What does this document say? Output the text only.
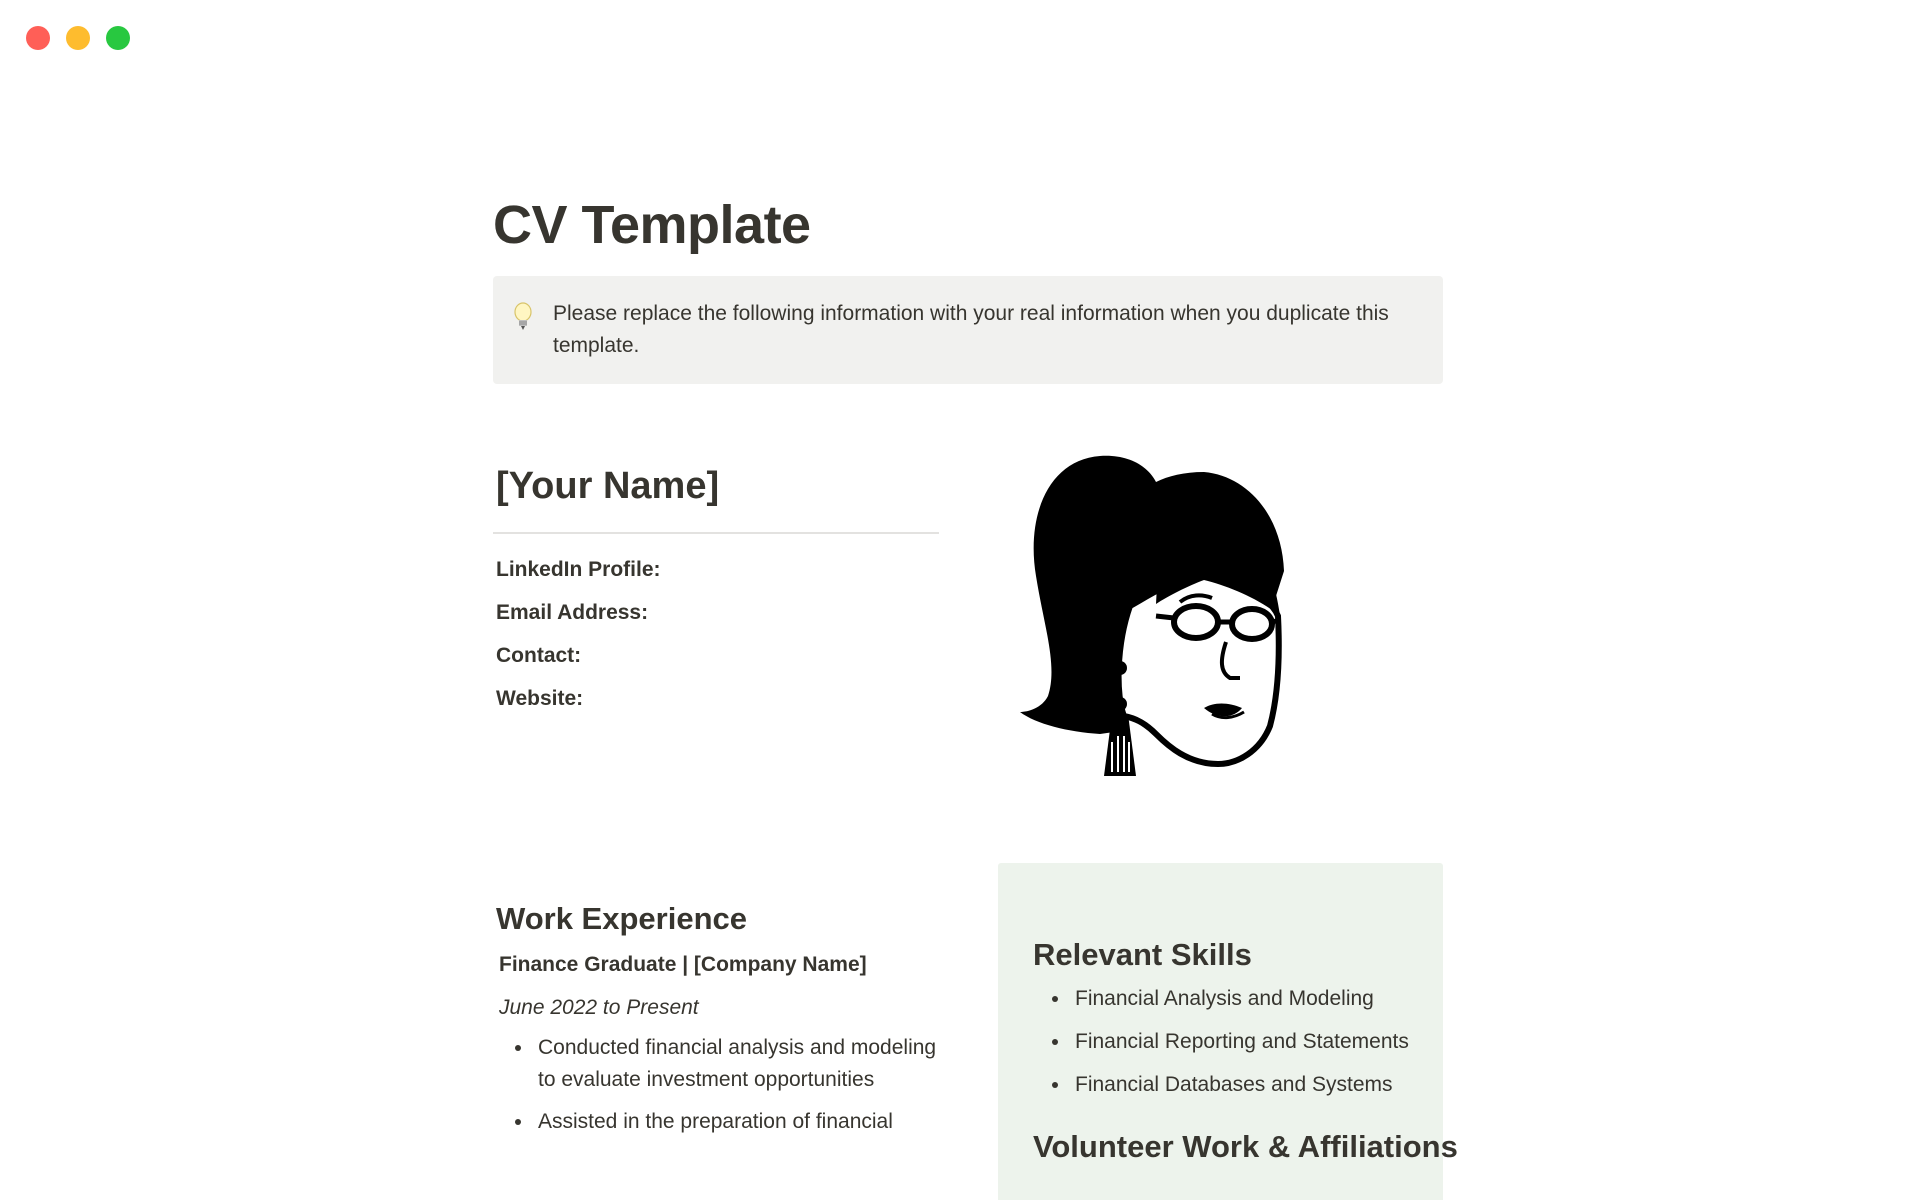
CV Template
Please replace the following information with your real information when you duplicate this template.
[Your Name]
LinkedIn Profile:
Email Address:
Contact:
Website:
Work Experience
Finance Graduate | [Company Name]
June 2022 to Present
• Conducted financial analysis and modeling to evaluate investment opportunities
• Assisted in the preparation of financial
Relevant Skills
• Financial Analysis and Modeling
• Financial Reporting and Statements
• Financial Databases and Systems
Volunteer Work & Affiliations
